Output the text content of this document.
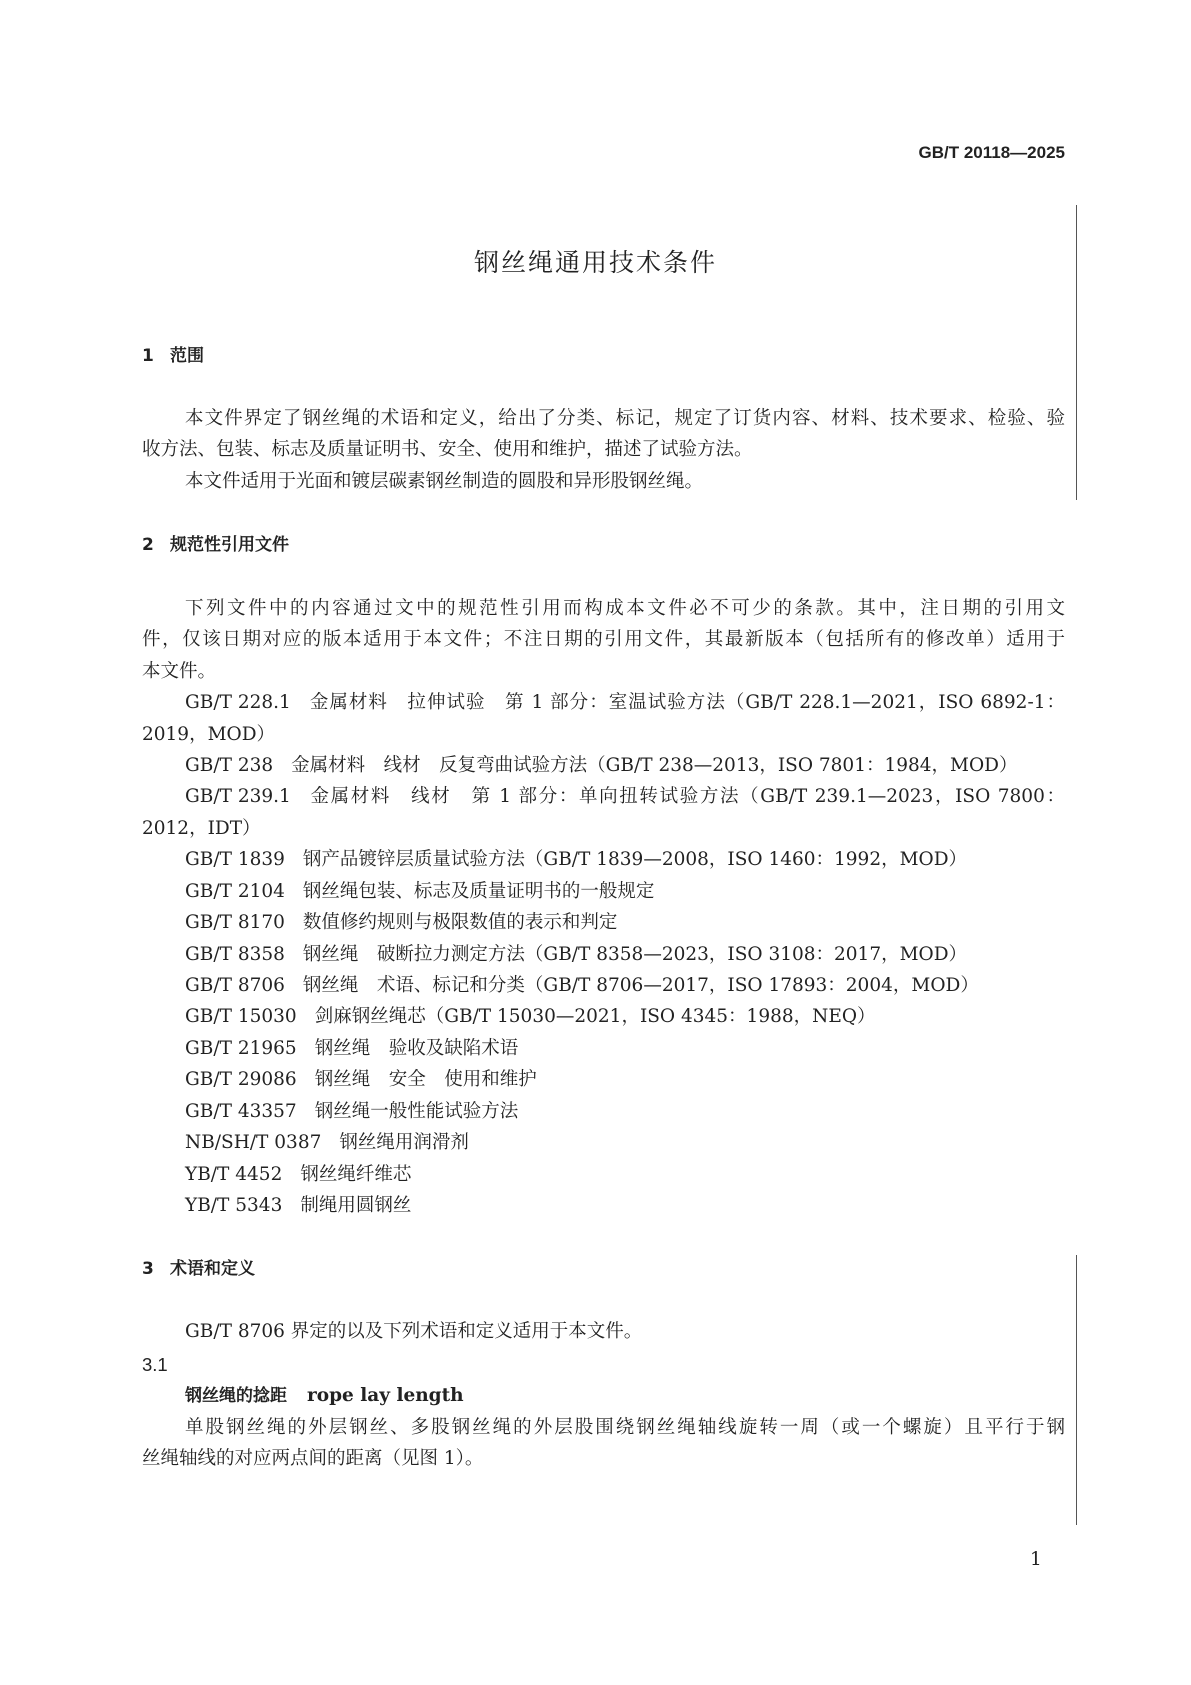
GB/T 20118—2025
钢丝绳通用技术条件
1 范围
本文件界定了钢丝绳的术语和定义，给出了分类、标记，规定了订货内容、材料、技术要求、检验、验
收方法、包装、标志及质量证明书、安全、使用和维护，描述了试验方法。
本文件适用于光面和镀层碳素钢丝制造的圆股和异形股钢丝绳。
2 规范性引用文件
下列文件中的内容通过文中的规范性引用而构成本文件必不可少的条款。其中，注日期的引用文
件，仅该日期对应的版本适用于本文件；不注日期的引用文件，其最新版本（包括所有的修改单）适用于
本文件。
GB/T 228.1 金属材料　拉伸试验　第 1 部分：室温试验方法（GB/T 228.1—2021，ISO 6892-1：
2019，MOD）
GB/T 238 金属材料　线材　反复弯曲试验方法（GB/T 238—2013，ISO 7801：1984，MOD）
GB/T 239.1 金属材料　线材　第 1 部分：单向扭转试验方法（GB/T 239.1—2023，ISO 7800：
2012，IDT）
GB/T 1839 钢产品镀锌层质量试验方法（GB/T 1839—2008，ISO 1460：1992，MOD）
GB/T 2104 钢丝绳包装、标志及质量证明书的一般规定
GB/T 8170 数值修约规则与极限数值的表示和判定
GB/T 8358 钢丝绳　破断拉力测定方法（GB/T 8358—2023，ISO 3108：2017，MOD）
GB/T 8706 钢丝绳　术语、标记和分类（GB/T 8706—2017，ISO 17893：2004，MOD）
GB/T 15030 剑麻钢丝绳芯（GB/T 15030—2021，ISO 4345：1988，NEQ）
GB/T 21965 钢丝绳　验收及缺陷术语
GB/T 29086 钢丝绳　安全　使用和维护
GB/T 43357 钢丝绳一般性能试验方法
NB/SH/T 0387 钢丝绳用润滑剂
YB/T 4452 钢丝绳纤维芯
YB/T 5343 制绳用圆钢丝
3 术语和定义
GB/T 8706 界定的以及下列术语和定义适用于本文件。
3.1
钢丝绳的捻距 rope lay length
单股钢丝绳的外层钢丝、多股钢丝绳的外层股围绕钢丝绳轴线旋转一周（或一个螺旋）且平行于钢
丝绳轴线的对应两点间的距离（见图 1）。
1
